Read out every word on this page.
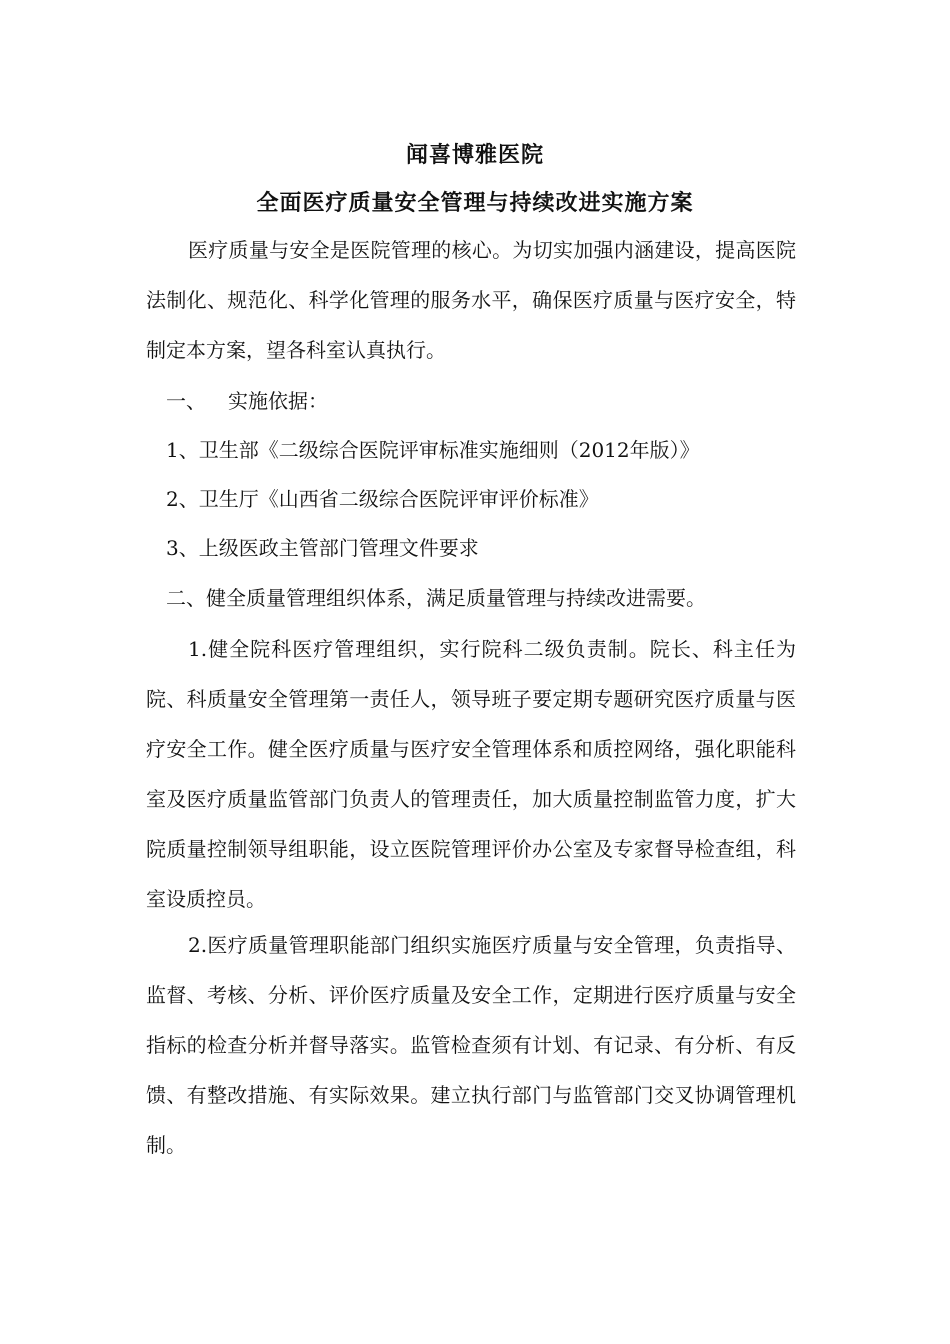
闻喜博雅医院
全面医疗质量安全管理与持续改进实施方案

医疗质量与安全是医院管理的核心。为切实加强内涵建设，提高医院法制化、规范化、科学化管理的服务水平，确保医疗质量与医疗安全，特制定本方案，望各科室认真执行。

一、 实施依据：

1、卫生部《二级综合医院评审标准实施细则（2012年版）》

2、卫生厅《山西省二级综合医院评审评价标准》

3、上级医政主管部门管理文件要求

二、健全质量管理组织体系，满足质量管理与持续改进需要。

1.健全院科医疗管理组织，实行院科二级负责制。院长、科主任为院、科质量安全管理第一责任人，领导班子要定期专题研究医疗质量与医疗安全工作。健全医疗质量与医疗安全管理体系和质控网络，强化职能科室及医疗质量监管部门负责人的管理责任，加大质量控制监管力度，扩大院质量控制领导组职能，设立医院管理评价办公室及专家督导检查组，科室设质控员。

2.医疗质量管理职能部门组织实施医疗质量与安全管理，负责指导、监督、考核、分析、评价医疗质量及安全工作，定期进行医疗质量与安全指标的检查分析并督导落实。监管检查须有计划、有记录、有分析、有反馈、有整改措施、有实际效果。建立执行部门与监管部门交叉协调管理机制。
